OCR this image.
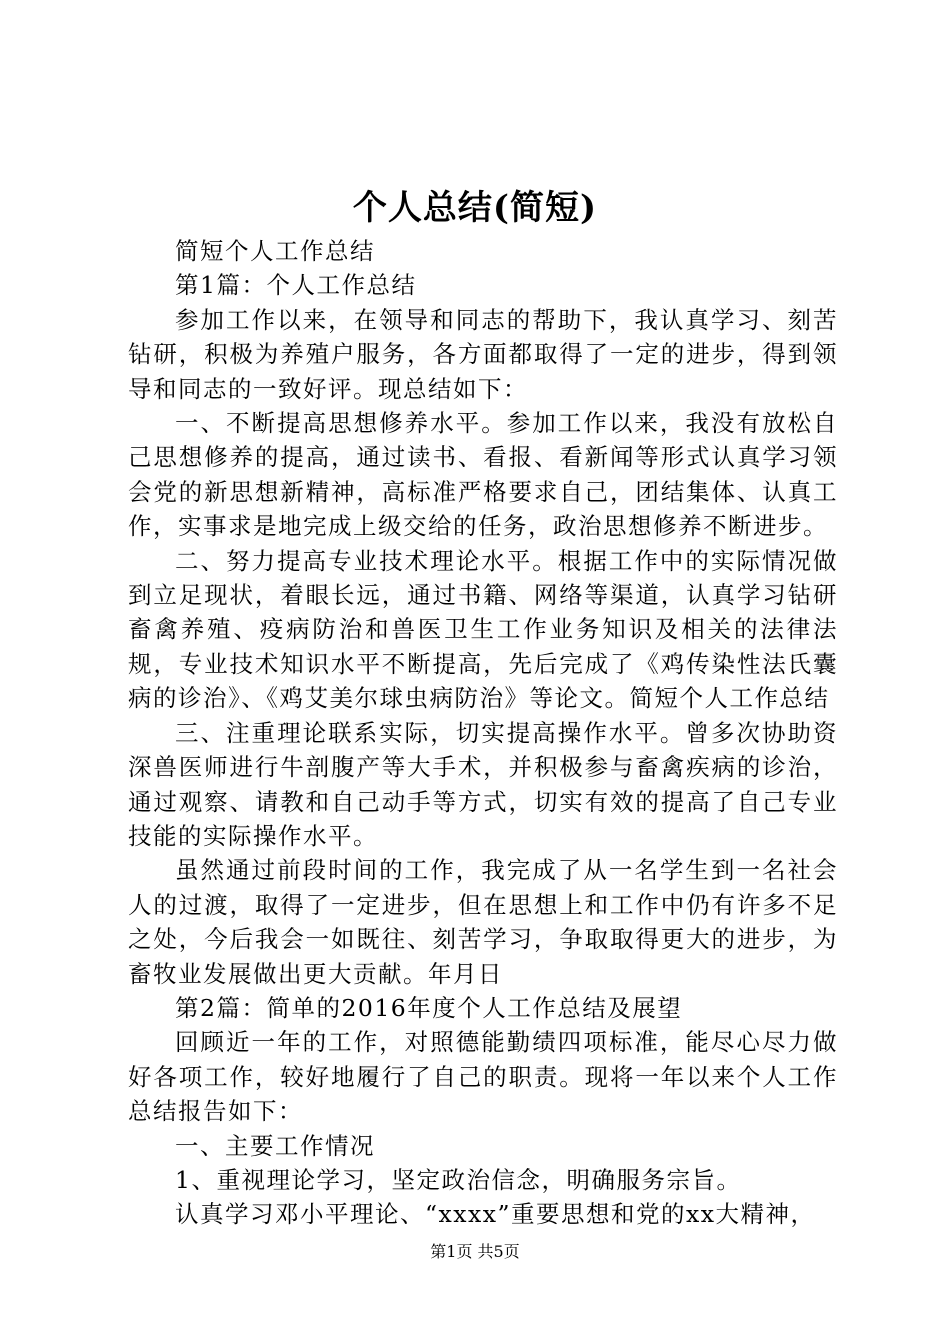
个人总结(简短)

简短个人工作总结

第1篇：个人工作总结

参加工作以来，在领导和同志的帮助下，我认真学习、刻苦钻研，积极为养殖户服务，各方面都取得了一定的进步，得到领导和同志的一致好评。现总结如下：

一、不断提高思想修养水平。参加工作以来，我没有放松自己思想修养的提高，通过读书、看报、看新闻等形式认真学习领会党的新思想新精神，高标准严格要求自己，团结集体、认真工作，实事求是地完成上级交给的任务，政治思想修养不断进步。

二、努力提高专业技术理论水平。根据工作中的实际情况做到立足现状，着眼长远，通过书籍、网络等渠道，认真学习钻研畜禽养殖、疫病防治和兽医卫生工作业务知识及相关的法律法规，专业技术知识水平不断提高，先后完成了《鸡传染性法氏囊病的诊治》、《鸡艾美尔球虫病防治》等论文。简短个人工作总结

三、注重理论联系实际，切实提高操作水平。曾多次协助资深兽医师进行牛剖腹产等大手术，并积极参与畜禽疾病的诊治，通过观察、请教和自己动手等方式，切实有效的提高了自己专业技能的实际操作水平。

虽然通过前段时间的工作，我完成了从一名学生到一名社会人的过渡，取得了一定进步，但在思想上和工作中仍有许多不足之处，今后我会一如既往、刻苦学习，争取取得更大的进步，为畜牧业发展做出更大贡献。年月日

第2篇：简单的2016年度个人工作总结及展望

回顾近一年的工作，对照德能勤绩四项标准，能尽心尽力做好各项工作，较好地履行了自己的职责。现将一年以来个人工作总结报告如下：

一、主要工作情况

1、重视理论学习，坚定政治信念，明确服务宗旨。

认真学习邓小平理论、“xxxx”重要思想和党的xx大精神，

第1页 共5页
